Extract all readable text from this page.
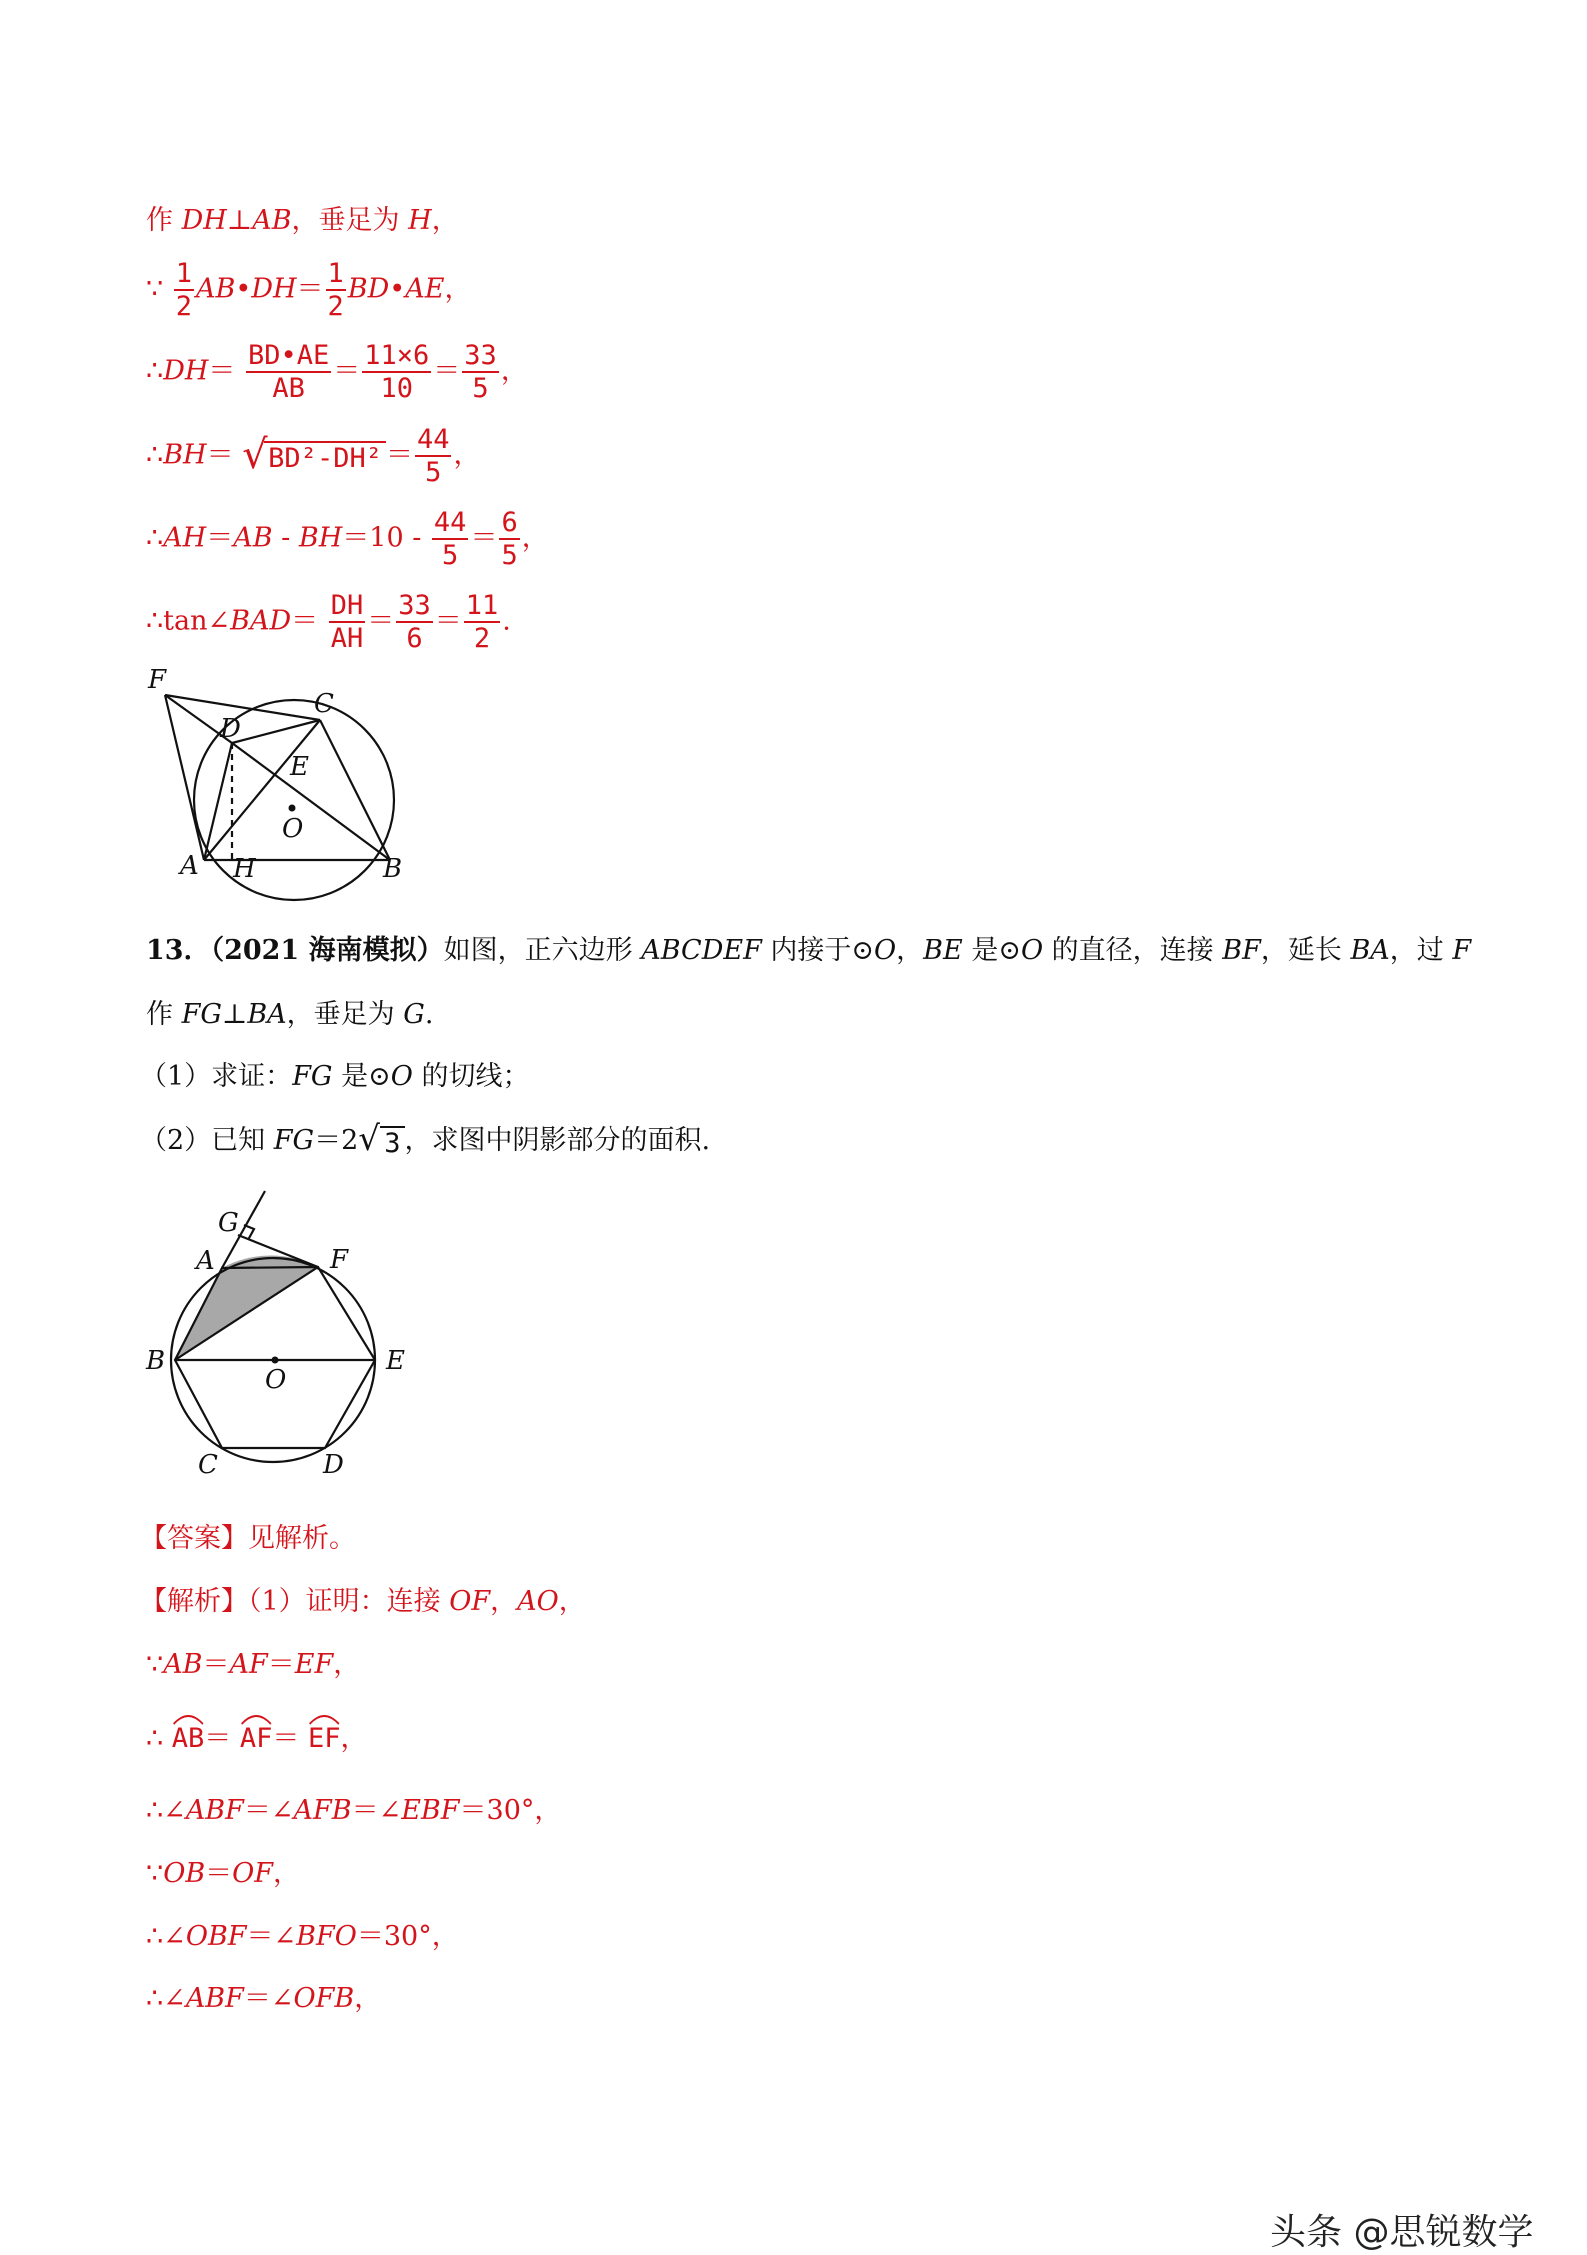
作 DH⊥AB，垂足为 H，
∵ $\frac{1}{2}$ AB•DH＝ $\frac{1}{2}$ BD•AE，
∴DH＝ $\frac{BD•AE}{AB} = \frac{11\times 6}{10} = \frac{33}{5}$ ，
∴BH＝ √ $BD^2-DH^2 = \frac{44}{5}$ ，
∴AH＝AB - $BH=10 - \frac{44}{5} = \frac{6}{5}$ ，
∴tan∠BAD＝ $\frac{DH}{AH} = \frac{33}{6} = \frac{11}{2}$ .
F
C
D
E
O
A H	B
13．（2021 海南模拟）如图，正六边形 ABCDEF 内接于⊙O，BE 是⊙O 的直径，连接 BF，延长 BA，过 F
作 FG⊥BA，垂足为 G.
（1）求证：FG 是⊙O 的切线；
（2）已知 FG＝2 √ 3 ，求图中阴影部分的面积.
G
A	F
B
O
E
C	D
【答案】见解析。
【解析】（1）证明：连接 OF，AO，
∵AB＝AF＝EF，
∴
AB＝
AF＝
EF，
∴∠ABF＝∠AFB＝∠EBF＝30°，
∵OB＝OF，
∴∠OBF＝∠BFO＝30°，
∴∠ABF＝∠OFB，
头条 @思锐数学
